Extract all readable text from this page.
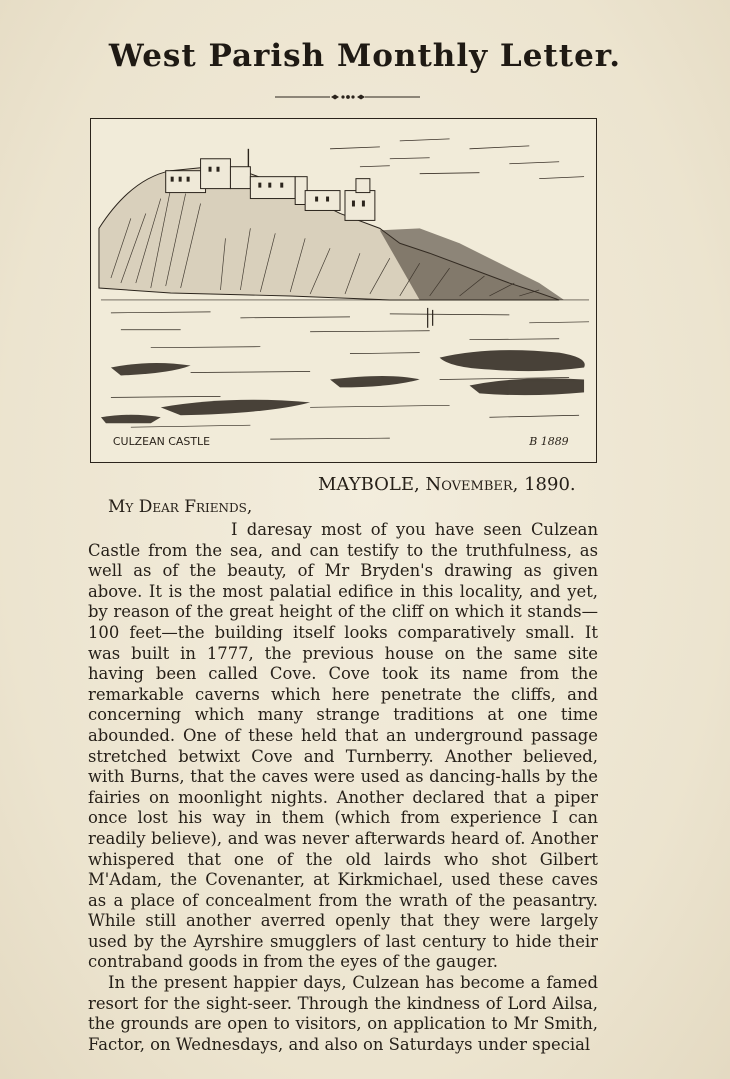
West Parish Monthly Letter.
CULZEAN CASTLE	B 1889
MAYBOLE, November, 1890.
My Dear Friends,

I daresay most of you have seen Culzean Castle from the sea, and can testify to the truthfulness, as well as of the beauty, of Mr Bryden's drawing as given above. It is the most palatial edifice in this locality, and yet, by reason of the great height of the cliff on which it stands—100 feet—the building itself looks comparatively small. It was built in 1777, the previous house on the same site having been called Cove. Cove took its name from the remarkable caverns which here penetrate the cliffs, and concerning which many strange traditions at one time abounded. One of these held that an underground passage stretched betwixt Cove and Turnberry. Another believed, with Burns, that the caves were used as dancing-halls by the fairies on moonlight nights. Another declared that a piper once lost his way in them (which from experience I can readily believe), and was never afterwards heard of. Another whispered that one of the old lairds who shot Gilbert M'Adam, the Covenanter, at Kirkmichael, used these caves as a place of concealment from the wrath of the peasantry. While still another averred openly that they were largely used by the Ayrshire smugglers of last century to hide their contraband goods in from the eyes of the gauger.

In the present happier days, Culzean has become a famed resort for the sight-seer. Through the kindness of Lord Ailsa, the grounds are open to visitors, on application to Mr Smith, Factor, on Wednesdays, and also on Saturdays under special
